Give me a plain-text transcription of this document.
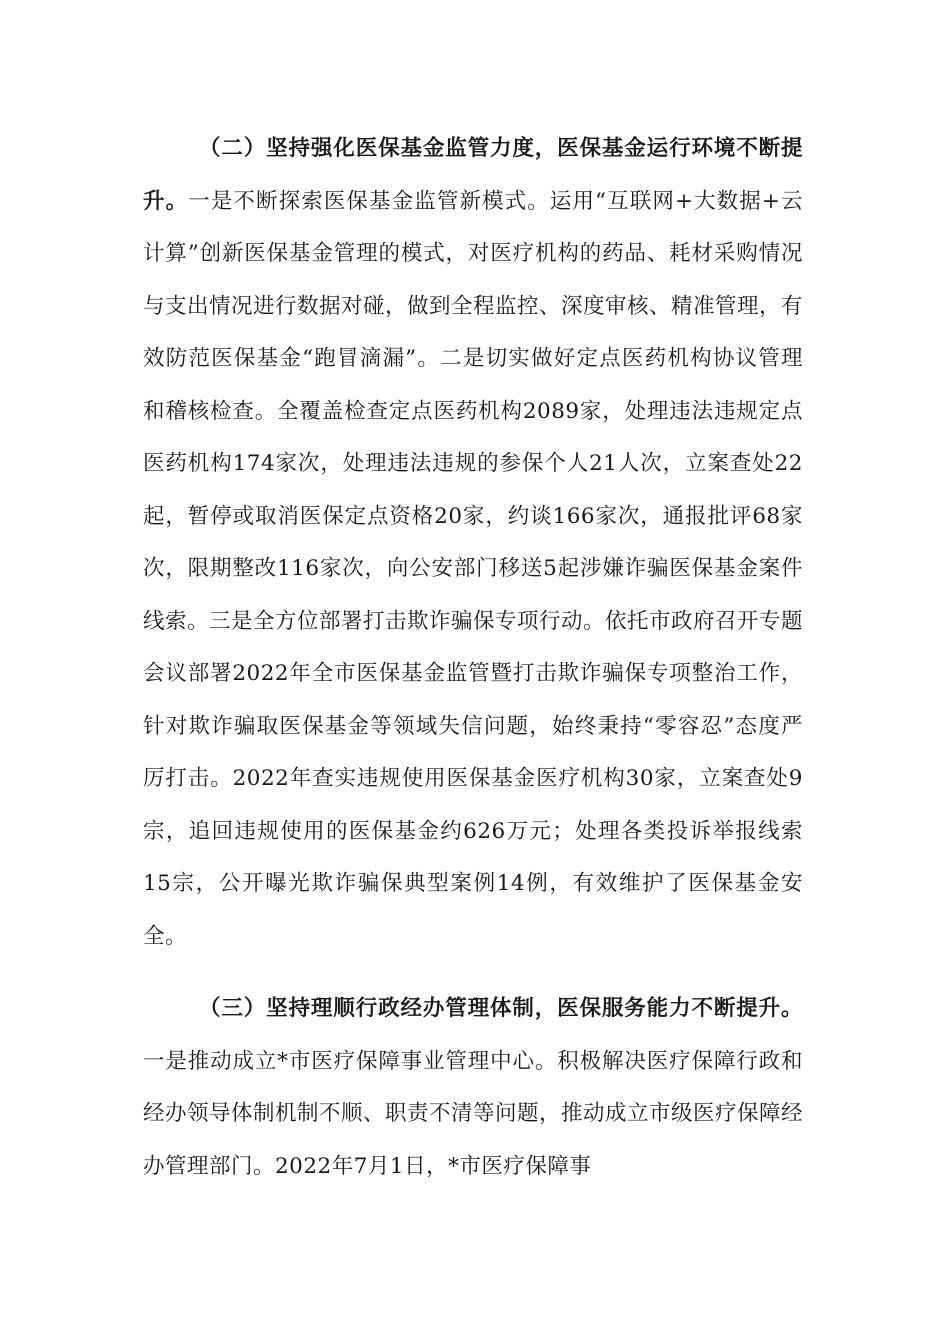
（二）坚持强化医保基金监管力度，医保基金运行环境不断提升。一是不断探索医保基金监管新模式。运用“互联网+大数据+云计算”创新医保基金管理的模式，对医疗机构的药品、耗材采购情况与支出情况进行数据对碰，做到全程监控、深度审核、精准管理，有效防范医保基金“跑冒滴漏”。二是切实做好定点医药机构协议管理和稽核检查。全覆盖检查定点医药机构2089家，处理违法违规定点医药机构174家次，处理违法违规的参保个人21人次，立案查处22起，暂停或取消医保定点资格20家，约谈166家次，通报批评68家次，限期整改116家次，向公安部门移送5起涉嫌诈骗医保基金案件线索。三是全方位部署打击欺诈骗保专项行动。依托市政府召开专题会议部署2022年全市医保基金监管暨打击欺诈骗保专项整治工作，针对欺诈骗取医保基金等领域失信问题，始终秉持“零容忍”态度严厉打击。2022年查实违规使用医保基金医疗机构30家，立案查处9宗，追回违规使用的医保基金约626万元；处理各类投诉举报线索15宗，公开曝光欺诈骗保典型案例14例，有效维护了医保基金安全。

（三）坚持理顺行政经办管理体制，医保服务能力不断提升。一是推动成立*市医疗保障事业管理中心。积极解决医疗保障行政和经办领导体制机制不顺、职责不清等问题，推动成立市级医疗保障经办管理部门。2022年7月1日，*市医疗保障事
